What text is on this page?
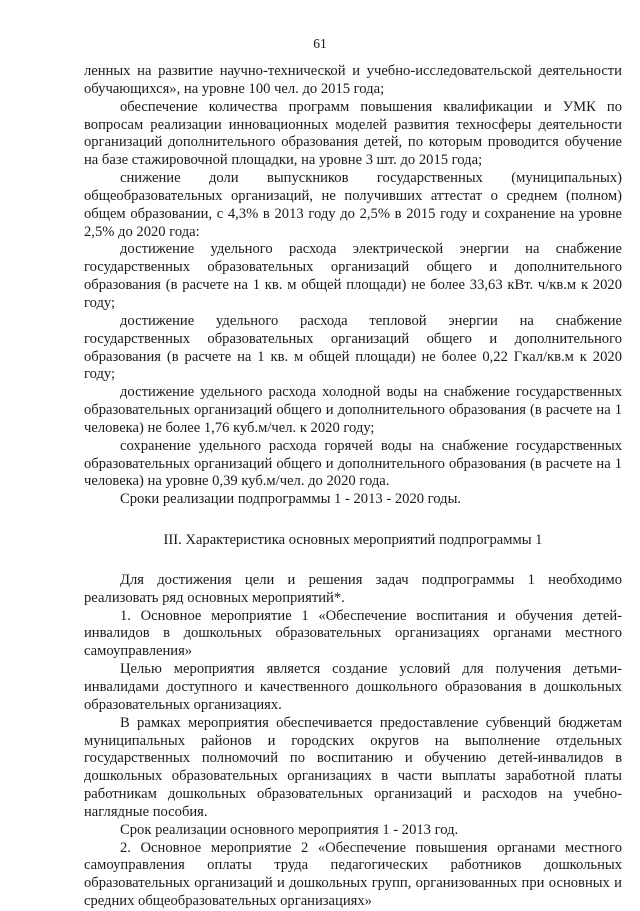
61

ленных на развитие научно-технической и учебно-исследовательской деятельности обучающихся», на уровне 100 чел. до 2015 года;

обеспечение количества программ повышения квалификации и УМК по вопросам реализации инновационных моделей развития техносферы деятельности организаций дополнительного образования детей, по которым проводится обучение на базе стажировочной площадки, на уровне 3 шт. до 2015 года;

снижение доли выпускников государственных (муниципальных) общеобразовательных организаций, не получивших аттестат о среднем (полном) общем образовании, с 4,3% в 2013 году до 2,5% в 2015 году и сохранение на уровне 2,5% до 2020 года:

достижение удельного расхода электрической энергии на снабжение государственных образовательных организаций общего и дополнительного образования (в расчете на 1 кв. м общей площади) не более 33,63 кВт. ч/кв.м к 2020 году;

достижение удельного расхода тепловой энергии на снабжение государственных образовательных организаций общего и дополнительного образования (в расчете на 1 кв. м общей площади) не более 0,22 Гкал/кв.м к 2020 году;

достижение удельного расхода холодной воды на снабжение государственных образовательных организаций общего и дополнительного образования (в расчете на 1 человека) не более 1,76 куб.м/чел. к 2020 году;

сохранение удельного расхода горячей воды на снабжение государственных образовательных организаций общего и дополнительного образования (в расчете на 1 человека) на уровне 0,39 куб.м/чел. до 2020 года.

Сроки реализации подпрограммы 1 - 2013 - 2020 годы.

III. Характеристика основных мероприятий подпрограммы 1

Для достижения цели и решения задач подпрограммы 1 необходимо реализовать ряд основных мероприятий*.

1. Основное мероприятие 1 «Обеспечение воспитания и обучения детей-инвалидов в дошкольных образовательных организациях органами местного самоуправления»

Целью мероприятия является создание условий для получения детьми-инвалидами доступного и качественного дошкольного образования в дошкольных образовательных организациях.

В рамках мероприятия обеспечивается предоставление субвенций бюджетам муниципальных районов и городских округов на выполнение отдельных государственных полномочий по воспитанию и обучению детей-инвалидов в дошкольных образовательных организациях в части выплаты заработной платы работникам дошкольных образовательных организаций и расходов на учебно-наглядные пособия.

Срок реализации основного мероприятия 1 - 2013 год.

2. Основное мероприятие 2 «Обеспечение повышения органами местного самоуправления оплаты труда педагогических работников дошкольных образовательных организаций и дошкольных групп, организованных при основных и средних общеобразовательных организациях»
